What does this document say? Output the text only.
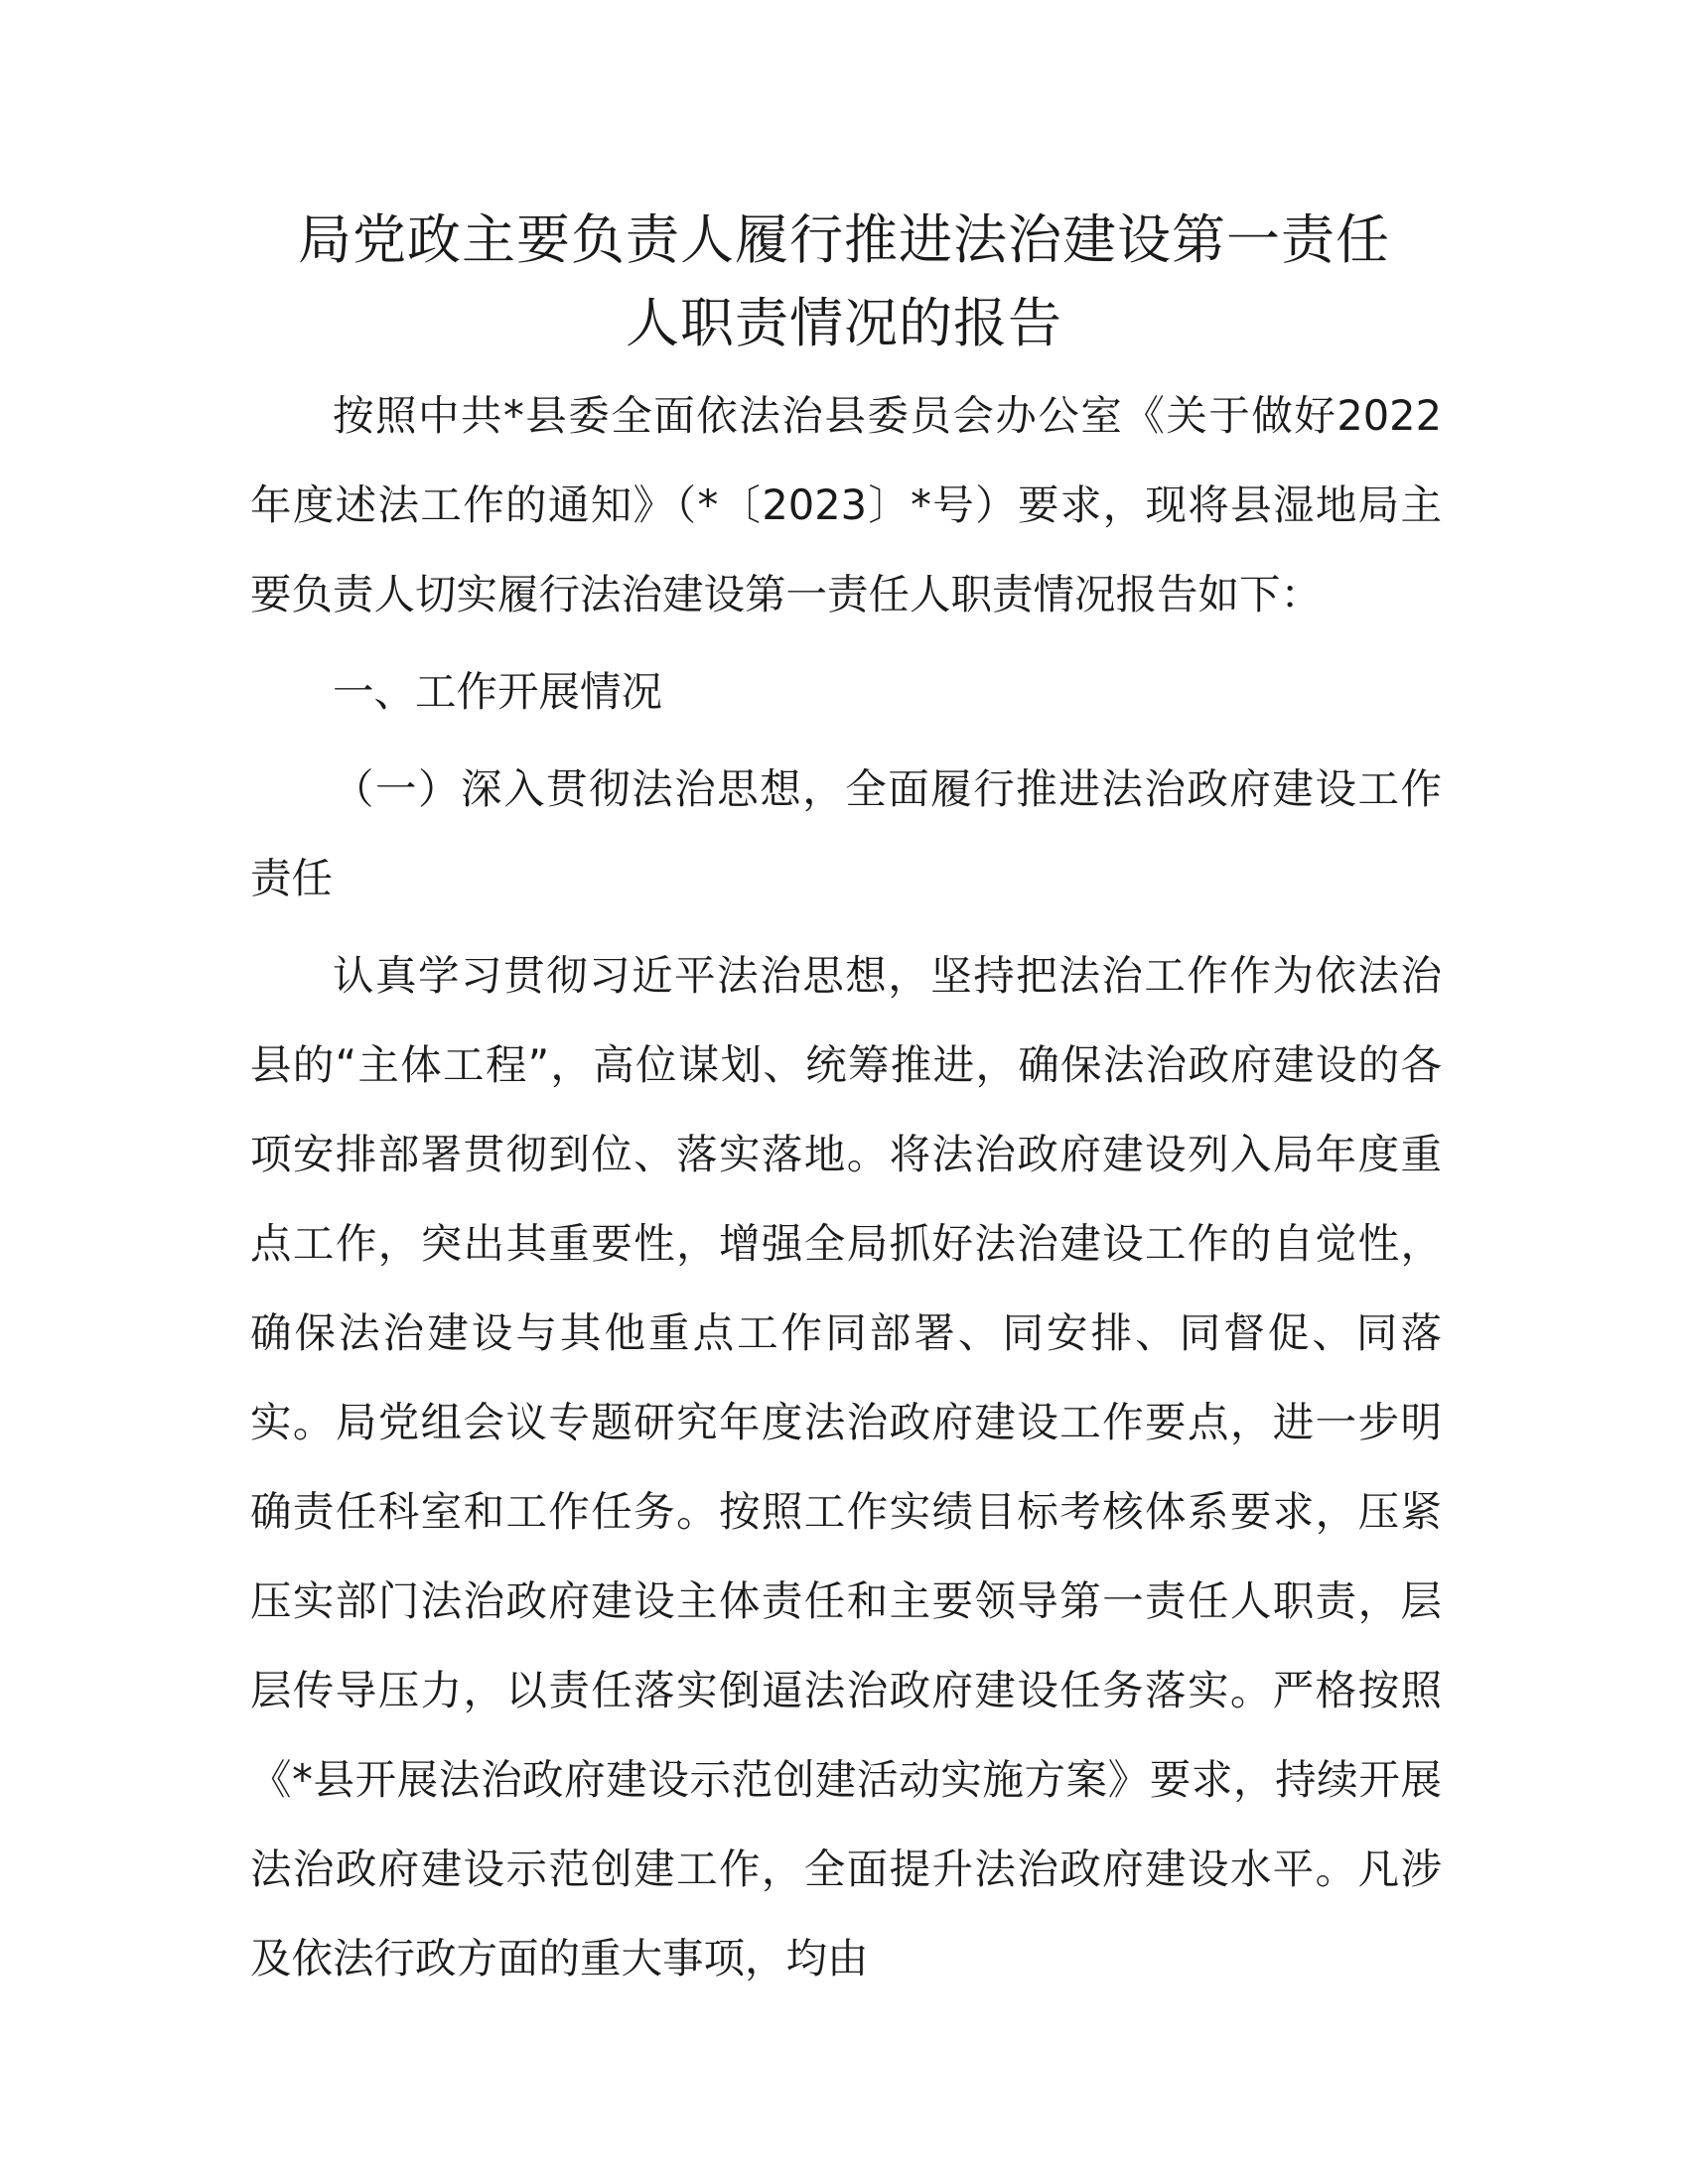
局党政主要负责人履行推进法治建设第一责任
人职责情况的报告

按照中共*县委全面依法治县委员会办公室《关于做好2022年度述法工作的通知》（*〔2023〕*号）要求，现将县湿地局主要负责人切实履行法治建设第一责任人职责情况报告如下：

一、工作开展情况

（一）深入贯彻法治思想，全面履行推进法治政府建设工作责任

认真学习贯彻习近平法治思想，坚持把法治工作作为依法治县的“主体工程”，高位谋划、统筹推进，确保法治政府建设的各项安排部署贯彻到位、落实落地。将法治政府建设列入局年度重点工作，突出其重要性，增强全局抓好法治建设工作的自觉性，确保法治建设与其他重点工作同部署、同安排、同督促、同落实。局党组会议专题研究年度法治政府建设工作要点，进一步明确责任科室和工作任务。按照工作实绩目标考核体系要求，压紧压实部门法治政府建设主体责任和主要领导第一责任人职责，层层传导压力，以责任落实倒逼法治政府建设任务落实。严格按照《*县开展法治政府建设示范创建活动实施方案》要求，持续开展法治政府建设示范创建工作，全面提升法治政府建设水平。凡涉及依法行政方面的重大事项，均由
